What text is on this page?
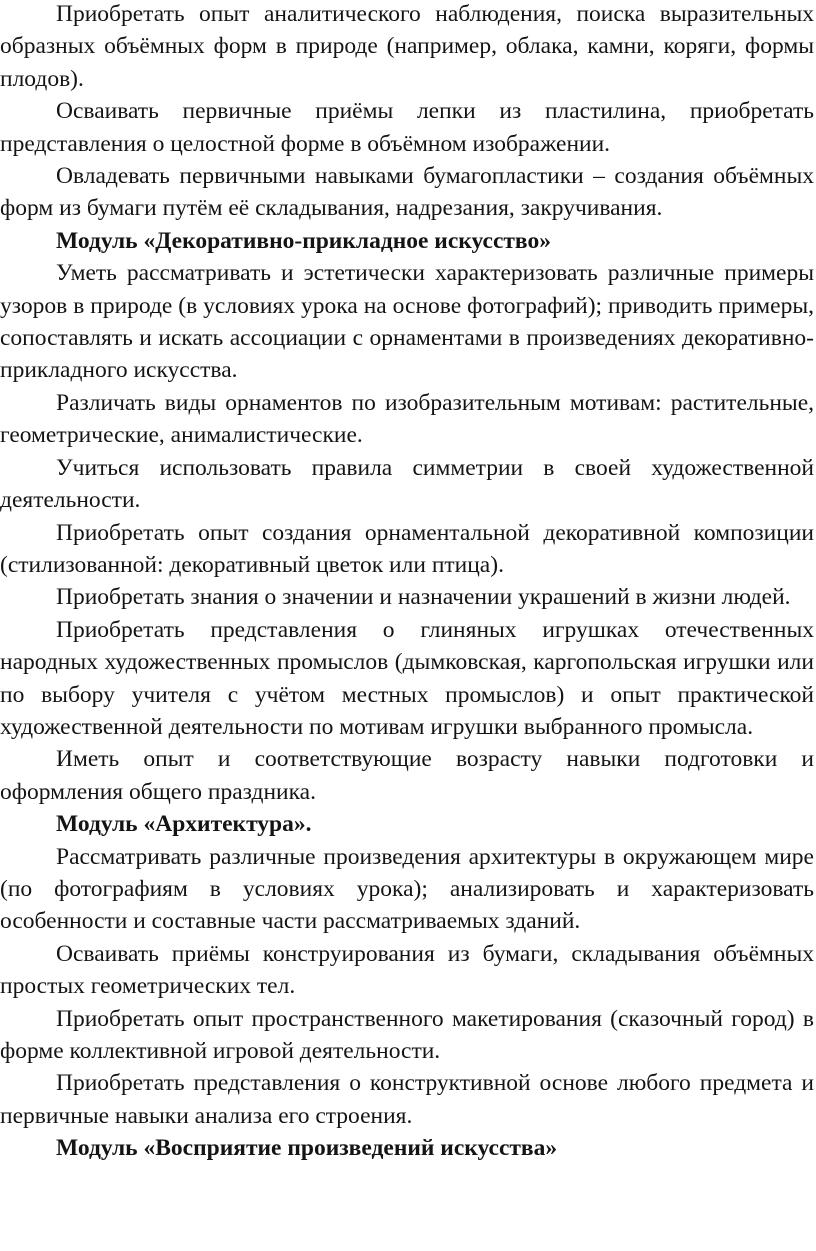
Приобретать опыт аналитического наблюдения, поиска выразительных образных объёмных форм в природе (например, облака, камни, коряги, формы плодов).

Осваивать первичные приёмы лепки из пластилина, приобретать представления о целостной форме в объёмном изображении.

Овладевать первичными навыками бумагопластики – создания объёмных форм из бумаги путём её складывания, надрезания, закручивания.

Модуль «Декоративно-прикладное искусство»

Уметь рассматривать и эстетически характеризовать различные примеры узоров в природе (в условиях урока на основе фотографий); приводить примеры, сопоставлять и искать ассоциации с орнаментами в произведениях декоративно-прикладного искусства.

Различать виды орнаментов по изобразительным мотивам: растительные, геометрические, анималистические.

Учиться использовать правила симметрии в своей художественной деятельности.

Приобретать опыт создания орнаментальной декоративной композиции (стилизованной: декоративный цветок или птица).

Приобретать знания о значении и назначении украшений в жизни людей.

Приобретать представления о глиняных игрушках отечественных народных художественных промыслов (дымковская, каргопольская игрушки или по выбору учителя с учётом местных промыслов) и опыт практической художественной деятельности по мотивам игрушки выбранного промысла.

Иметь опыт и соответствующие возрасту навыки подготовки и оформления общего праздника.

Модуль «Архитектура».

Рассматривать различные произведения архитектуры в окружающем мире (по фотографиям в условиях урока); анализировать и характеризовать особенности и составные части рассматриваемых зданий.

Осваивать приёмы конструирования из бумаги, складывания объёмных простых геометрических тел.

Приобретать опыт пространственного макетирования (сказочный город) в форме коллективной игровой деятельности.

Приобретать представления о конструктивной основе любого предмета и первичные навыки анализа его строения.

Модуль «Восприятие произведений искусства»
